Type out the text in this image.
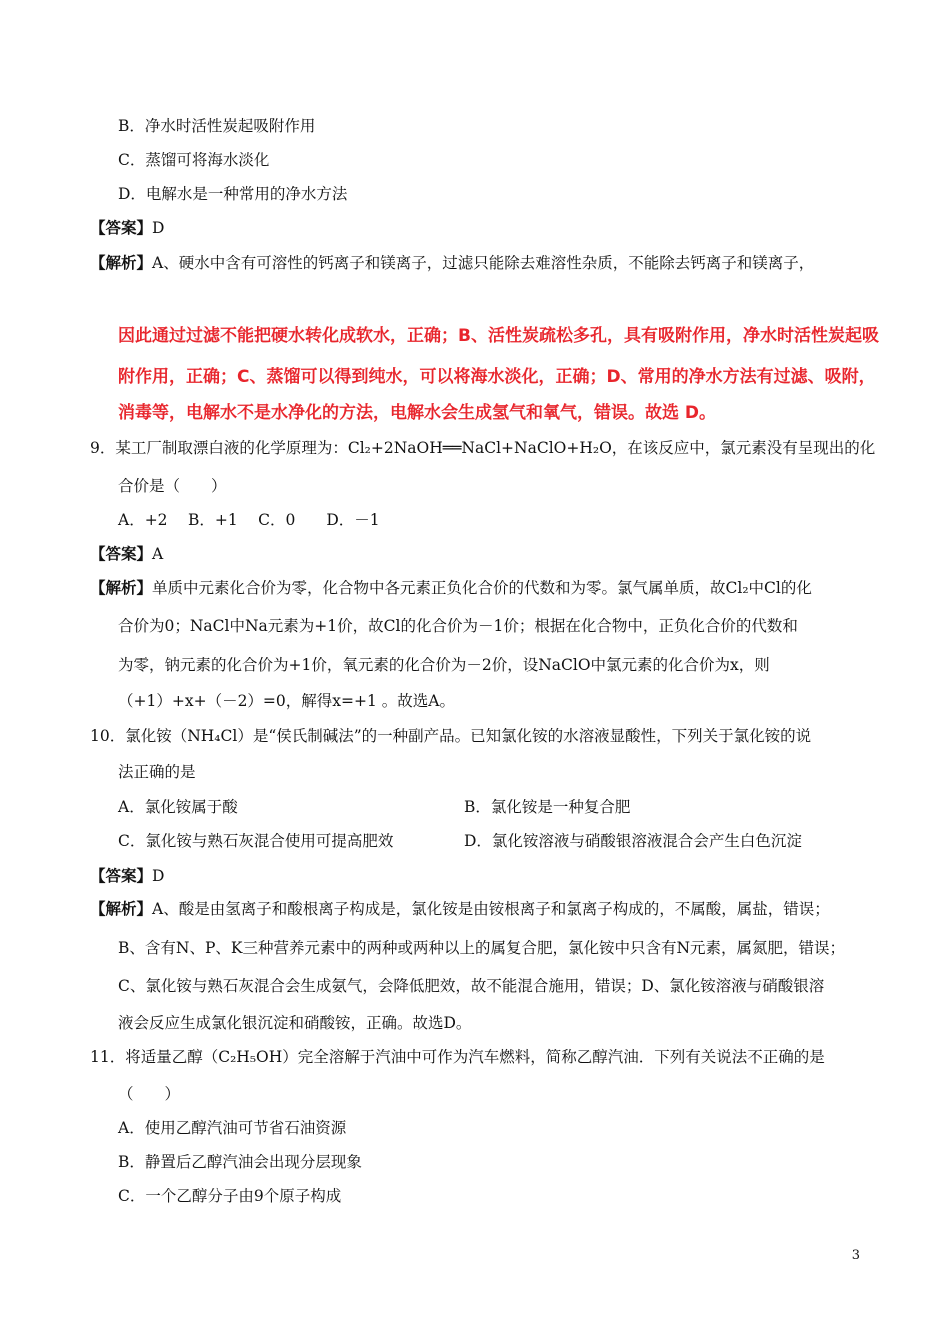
B．净水时活性炭起吸附作用
C．蒸馏可将海水淡化
D．电解水是一种常用的净水方法
【答案】D
【解析】A、硬水中含有可溶性的钙离子和镁离子，过滤只能除去难溶性杂质，不能除去钙离子和镁离子，
因此通过过滤不能把硬水转化成软水，正确；B、活性炭疏松多孔，具有吸附作用，净水时活性炭起吸
附作用，正确；C、蒸馏可以得到纯水，可以将海水淡化，正确；D、常用的净水方法有过滤、吸附，
消毒等，电解水不是水净化的方法，电解水会生成氢气和氧气，错误。故选 D。
9．某工厂制取漂白液的化学原理为：Cl₂+2NaOH══NaCl+NaClO+H₂O，在该反应中，氯元素没有呈现出的化
合价是（　　）
A．+2　 B．+1　 C．0　　D．－1
【答案】A
【解析】单质中元素化合价为零，化合物中各元素正负化合价的代数和为零。氯气属单质，故Cl₂中Cl的化
合价为0；NaCl中Na元素为+1价，故Cl的化合价为－1价；根据在化合物中，正负化合价的代数和
为零，钠元素的化合价为+1价，氧元素的化合价为－2价，设NaClO中氯元素的化合价为x，则
（+1）+x+（－2）=0，解得x=+1 。故选A。
10．氯化铵（NH₄Cl）是“侯氏制碱法”的一种副产品。已知氯化铵的水溶液显酸性，下列关于氯化铵的说
法正确的是
A．氯化铵属于酸	B．氯化铵是一种复合肥
C．氯化铵与熟石灰混合使用可提高肥效	D．氯化铵溶液与硝酸银溶液混合会产生白色沉淀
【答案】D
【解析】A、酸是由氢离子和酸根离子构成是，氯化铵是由铵根离子和氯离子构成的，不属酸，属盐，错误；
B、含有N、P、K三种营养元素中的两种或两种以上的属复合肥，氯化铵中只含有N元素，属氮肥，错误；
C、氯化铵与熟石灰混合会生成氨气，会降低肥效，故不能混合施用，错误；D、氯化铵溶液与硝酸银溶
液会反应生成氯化银沉淀和硝酸铵，正确。故选D。
11．将适量乙醇（C₂H₅OH）完全溶解于汽油中可作为汽车燃料，简称乙醇汽油．下列有关说法不正确的是
（　　）
A．使用乙醇汽油可节省石油资源
B．静置后乙醇汽油会出现分层现象
C．一个乙醇分子由9个原子构成
3
